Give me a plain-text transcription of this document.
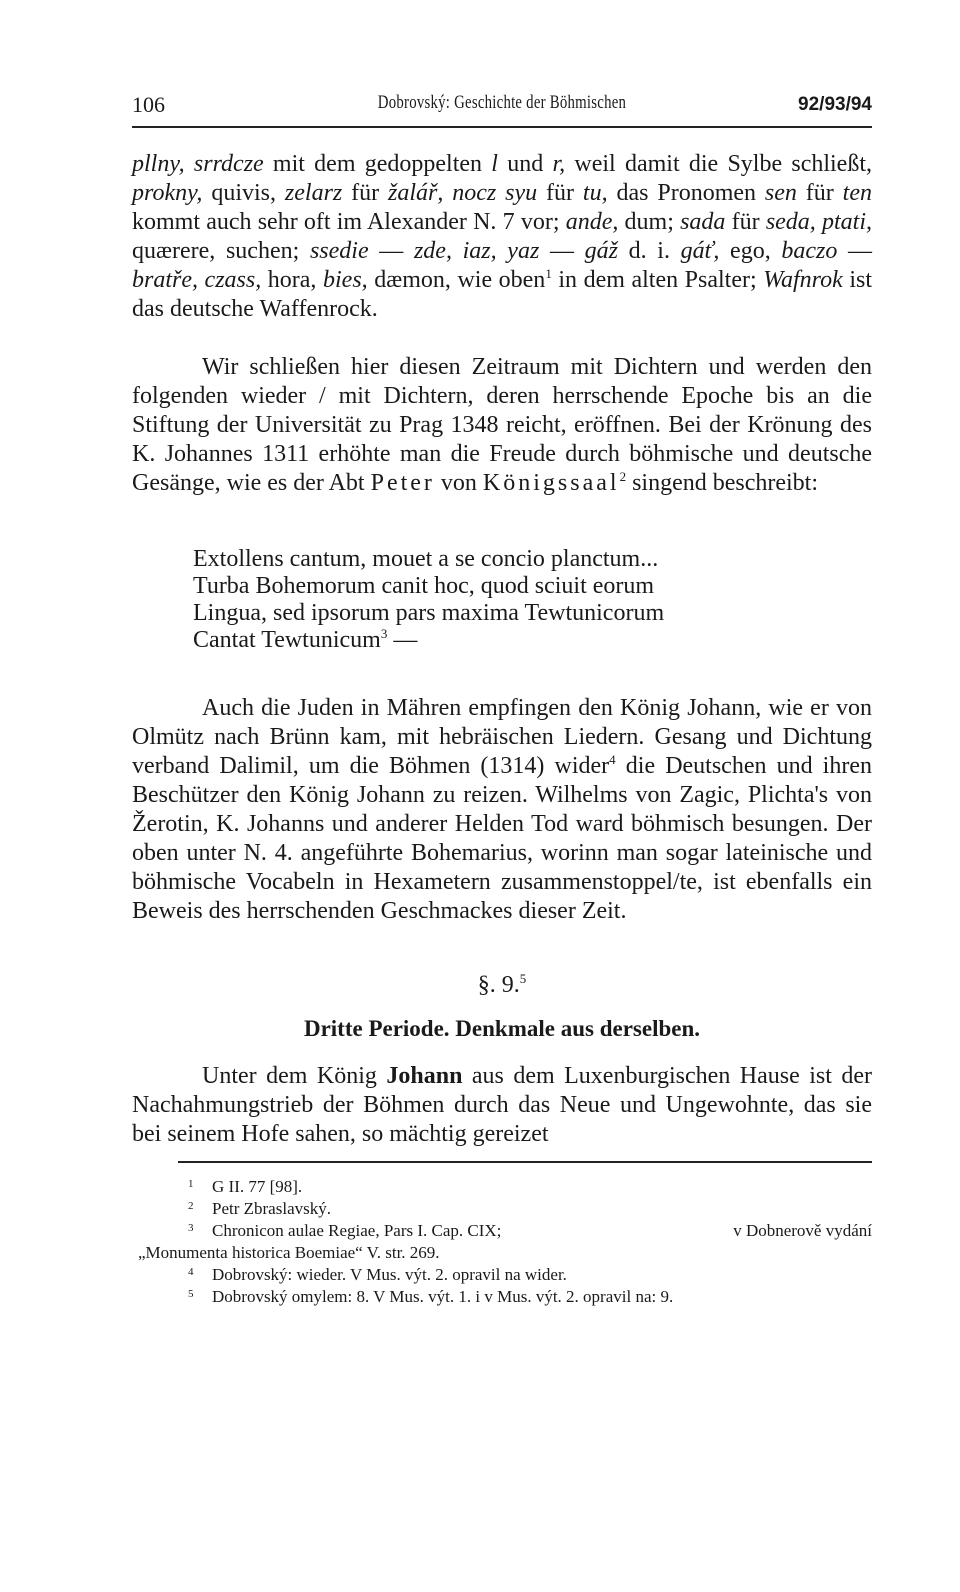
106	Dobrovský: Geschichte der Böhmischen	92/93/94

pllny, srrdcze mit dem gedoppelten l und r, weil damit die Sylbe schließt, prokny, quivis, zelarz für žalář, nocz syu für tu, das Pronomen sen für ten kommt auch sehr oft im Alexander N. 7 vor; ande, dum; sada für seda, ptati, quærere, suchen; ssedie — zde, iaz, yaz — gáž d. i. gáť, ego, baczo — bratře, czass, hora, bies, dæmon, wie oben$^1$ in dem alten Psalter; Wafnrok ist das deutsche Waffenrock.

Wir schließen hier diesen Zeitraum mit Dichtern und werden den folgenden wieder / mit Dichtern, deren herrschende Epoche bis an die Stiftung der Universität zu Prag 1348 reicht, eröffnen. Bei der Krönung des K. Johannes 1311 erhöhte man die Freude durch böhmische und deutsche Gesänge, wie es der Abt Peter von Königssaal$^2$ singend beschreibt:

Extollens cantum, mouet a se concio planctum...
Turba Bohemorum canit hoc, quod sciuit eorum
Lingua, sed ipsorum pars maxima Tewtunicorum
Cantat Tewtunicum$^3$ —

Auch die Juden in Mähren empfingen den König Johann, wie er von Olmütz nach Brünn kam, mit hebräischen Liedern. Gesang und Dichtung verband Dalimil, um die Böhmen (1314) wider$^4$ die Deutschen und ihren Beschützer den König Johann zu reizen. Wilhelms von Zagic, Plichta's von Žerotin, K. Johanns und anderer Helden Tod ward böhmisch besungen. Der oben unter N. 4. angeführte Bohemarius, worinn man sogar lateinische und böhmische Vocabeln in Hexametern zusammenstoppel/te, ist ebenfalls ein Beweis des herrschenden Geschmackes dieser Zeit.

§. 9.$^5$
Dritte Periode. Denkmale aus derselben.

Unter dem König Johann aus dem Luxenburgischen Hause ist der Nachahmungstrieb der Böhmen durch das Neue und Ungewohnte, das sie bei seinem Hofe sahen, so mächtig gereizet

1 G II. 77 [98].
2 Petr Zbraslavský.
3 Chronicon aulae Regiae, Pars I. Cap. CIX;	v Dobnerově vydání
„Monumenta historica Boemiae“ V. str. 269.
4 Dobrovský: wieder. V Mus. výt. 2. opravil na wider.
5 Dobrovský omylem: 8. V Mus. výt. 1. i v Mus. výt. 2. opravil na: 9.
